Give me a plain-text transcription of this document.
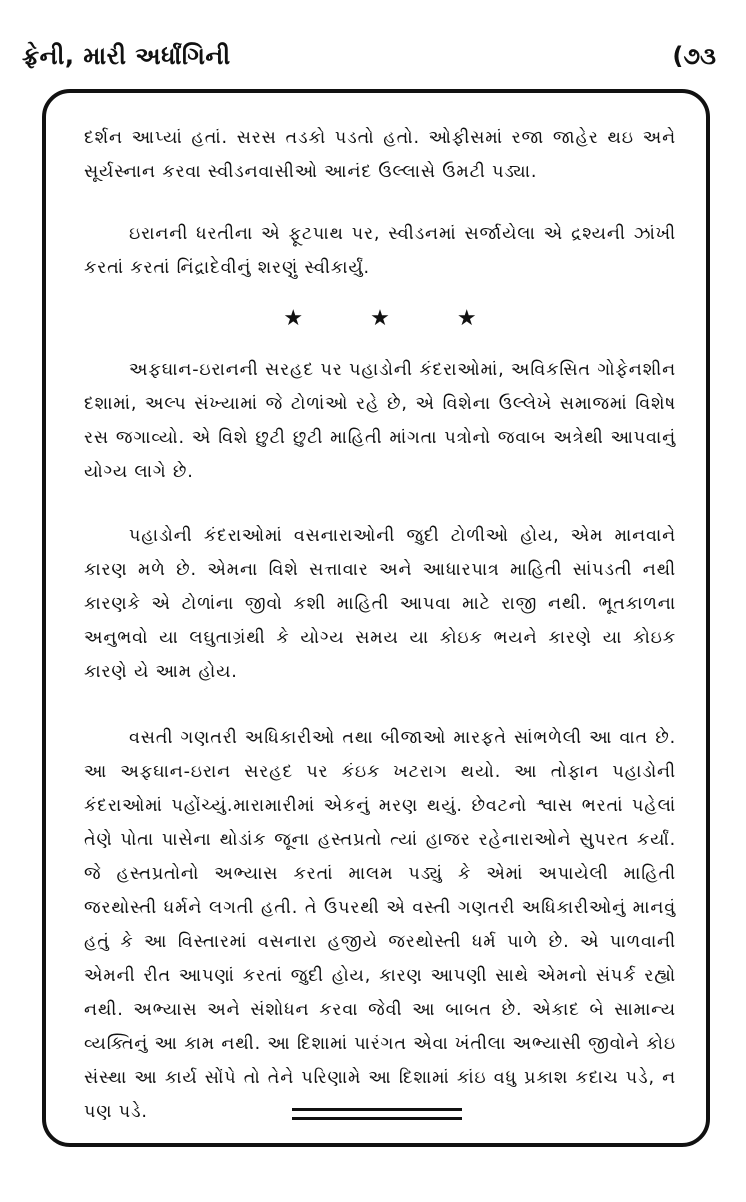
ફ્રેની, મારી અર્ધાંગિની	(૭૩

દર્શન આપ્યાં હતાં. સરસ તડકો પડતો હતો. ઓફીસમાં રજા જાહેર થઇ અને સૂર્યસ્નાન કરવા સ્વીડનવાસીઓ આનંદ ઉલ્લાસે ઉમટી પડ્યા.

ઇરાનની ધરતીના એ ફૂટપાથ પર, સ્વીડનમાં સર્જાયેલા એ દ્રશ્યની ઝાંખી કરતાં કરતાં નિંદ્રાદેવીનું શરણું સ્વીકાર્યું.

★ ★ ★

અફઘાન-ઇરાનની સરહદ પર પહાડોની કંદરાઓમાં, અવિકસિત ગોફેનશીન દશામાં, અલ્પ સંખ્યામાં જે ટોળાંઓ રહે છે, એ વિશેના ઉલ્લેખે સમાજમાં વિશેષ રસ જગાવ્યો. એ વિશે છુટી છુટી માહિતી માંગતા પત્રોનો જવાબ અત્રેથી આપવાનું યોગ્ય લાગે છે.

પહાડોની કંદરાઓમાં વસનારાઓની જુદી ટોળીઓ હોય, એમ માનવાને કારણ મળે છે. એમના વિશે સત્તાવાર અને આધારપાત્ર માહિતી સાંપડતી નથી કારણકે એ ટોળાંના જીવો કશી માહિતી આપવા માટે રાજી નથી. ભૂતકાળના અનુભવો યા લઘુતાગ્રંથી કે યોગ્ય સમય યા કોઇક ભયને કારણે યા કોઇક કારણે યે આમ હોય.

વસતી ગણતરી અધિકારીઓ તથા બીજાઓ મારફતે સાંભળેલી આ વાત છે. આ અફઘાન-ઇરાન સરહદ પર કંઇક ખટરાગ થયો. આ તોફાન પહાડોની કંદરાઓમાં પહોંચ્યું.મારામારીમાં એકનું મરણ થયું. છેવટનો શ્વાસ ભરતાં પહેલાં તેણે પોતા પાસેના થોડાંક જૂના હસ્તપ્રતો ત્યાં હાજર રહેનારાઓને સુપરત કર્યાં. જે હસ્તપ્રતોનો અભ્યાસ કરતાં માલમ પડ્યું કે એમાં અપાયેલી માહિતી જરથોસ્તી ધર્મને લગતી હતી. તે ઉપરથી એ વસ્તી ગણતરી અધિકારીઓનું માનવું હતું કે આ વિસ્તારમાં વસનારા હજીયે જરથોસ્તી ધર્મ પાળે છે. એ પાળવાની એમની રીત આપણાં કરતાં જુદી હોય, કારણ આપણી સાથે એમનો સંપર્ક રહ્યો નથી. અભ્યાસ અને સંશોધન કરવા જેવી આ બાબત છે. એકાદ બે સામાન્ય વ્યક્તિનું આ કામ નથી. આ દિશામાં પારંગત એવા ખંતીલા અભ્યાસી જીવોને કોઇ સંસ્થા આ કાર્ય સોંપે તો તેને પરિણામે આ દિશામાં કાંઇ વધુ પ્રકાશ કદાચ પડે, ન પણ પડે.
